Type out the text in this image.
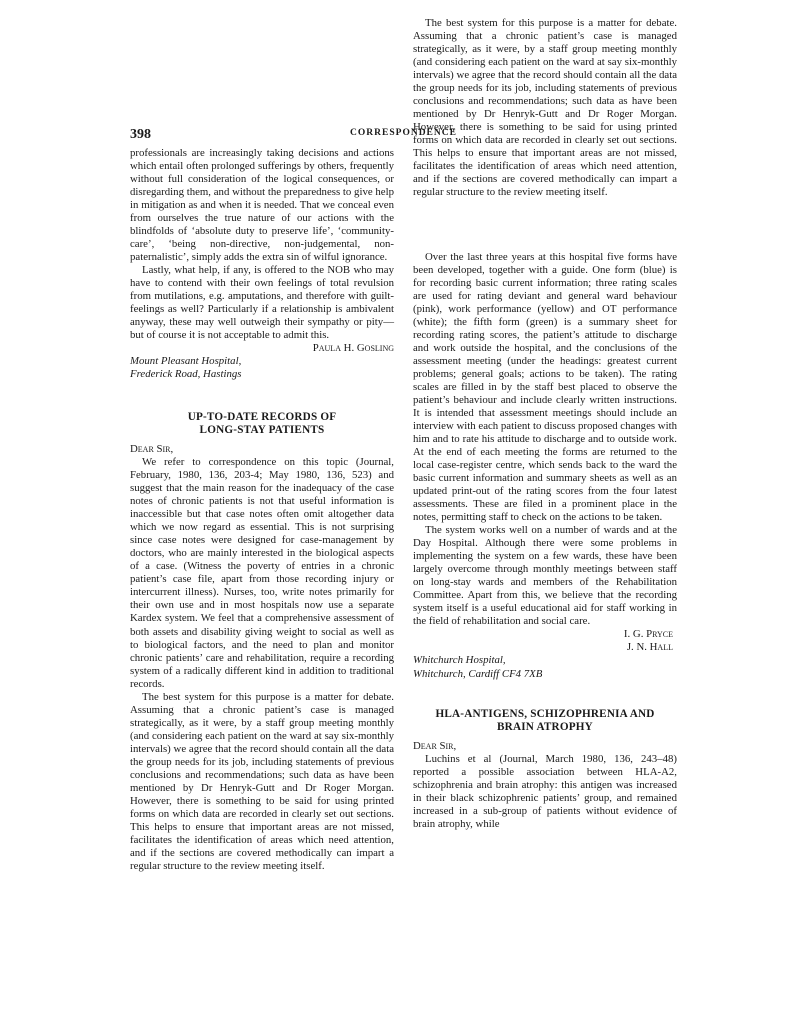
398	CORRESPONDENCE

professionals are increasingly taking decisions and actions which entail often prolonged sufferings by others, frequently without full consideration of the logical consequences, or disregarding them, and without the preparedness to give help in mitigation as and when it is needed. That we conceal even from ourselves the true nature of our actions with the blindfolds of ‘absolute duty to preserve life’, ‘community-care’, ‘being non-directive, non-judgemental, non-paternalistic’, simply adds the extra sin of wilful ignorance.

Lastly, what help, if any, is offered to the NOB who may have to contend with their own feelings of total revulsion from mutilations, e.g. amputations, and therefore with guilt-feelings as well? Particularly if a relationship is ambivalent anyway, these may well outweigh their sympathy or pity—but of course it is not acceptable to admit this.

Paula H. Gosling

Mount Pleasant Hospital,

Frederick Road, Hastings

UP-TO-DATE RECORDS OF

LONG-STAY PATIENTS

Dear Sir,

We refer to correspondence on this topic (Journal, February, 1980, 136, 203-4; May 1980, 136, 523) and suggest that the main reason for the inadequacy of the case notes of chronic patients is not that useful information is inaccessible but that case notes often omit altogether data which we now regard as essential. This is not surprising since case notes were designed for case-management by doctors, who are mainly interested in the biological aspects of a case. (Witness the poverty of entries in a chronic patient’s case file, apart from those recording injury or intercurrent illness). Nurses, too, write notes primarily for their own use and in most hospitals now use a separate Kardex system. We feel that a comprehensive assessment of both assets and disability giving weight to social as well as to biological factors, and the need to plan and monitor chronic patients’ care and rehabilitation, require a recording system of a radically different kind in addition to traditional records.

The best system for this purpose is a matter for debate. Assuming that a chronic patient’s case is managed strategically, as it were, by a staff group meeting monthly (and considering each patient on the ward at say six-monthly intervals) we agree that the record should contain all the data the group needs for its job, including statements of previous conclusions and recommendations; such data as have been mentioned by Dr Henryk-Gutt and Dr Roger Morgan. However, there is something to be said for using printed forms on which data are recorded in clearly set out sections. This helps to ensure that important areas are not missed, facilitates the identification of areas which need attention, and if the sections are covered methodically can impart a regular structure to the review meeting itself.

The best system for this purpose is a matter for debate. Assuming that a chronic patient’s case is managed strategically, as it were, by a staff group meeting monthly (and considering each patient on the ward at say six-monthly intervals) we agree that the record should contain all the data the group needs for its job, including statements of previous conclusions and recommendations; such data as have been mentioned by Dr Henryk-Gutt and Dr Roger Morgan. However, there is something to be said for using printed forms on which data are recorded in clearly set out sections. This helps to ensure that important areas are not missed, facilitates the identification of areas which need attention, and if the sections are covered methodically can impart a regular structure to the review meeting itself.

Over the last three years at this hospital five forms have been developed, together with a guide. One form (blue) is for recording basic current information; three rating scales are used for rating deviant and general ward behaviour (pink), work performance (yellow) and OT performance (white); the fifth form (green) is a summary sheet for recording rating scores, the patient’s attitude to discharge and work outside the hospital, and the conclusions of the assessment meeting (under the headings: greatest current problems; general goals; actions to be taken). The rating scales are filled in by the staff best placed to observe the patient’s behaviour and include clearly written instructions. It is intended that assessment meetings should include an interview with each patient to discuss proposed changes with him and to rate his attitude to discharge and to outside work. At the end of each meeting the forms are returned to the local case-register centre, which sends back to the ward the basic current information and summary sheets as well as an updated print-out of the rating scores from the four latest assessments. These are filed in a prominent place in the notes, permitting staff to check on the actions to be taken.

The system works well on a number of wards and at the Day Hospital. Although there were some problems in implementing the system on a few wards, these have been largely overcome through monthly meetings between staff on long-stay wards and members of the Rehabilitation Committee. Apart from this, we believe that the recording system itself is a useful educational aid for staff working in the field of rehabilitation and social care.

I. G. Pryce

J. N. Hall

Whitchurch Hospital,

Whitchurch, Cardiff CF4 7XB

HLA-ANTIGENS, SCHIZOPHRENIA AND

BRAIN ATROPHY

Dear Sir,

Luchins et al (Journal, March 1980, 136, 243–48) reported a possible association between HLA-A2, schizophrenia and brain atrophy: this antigen was increased in their black schizophrenic patients’ group, and remained increased in a sub-group of patients without evidence of brain atrophy, while
